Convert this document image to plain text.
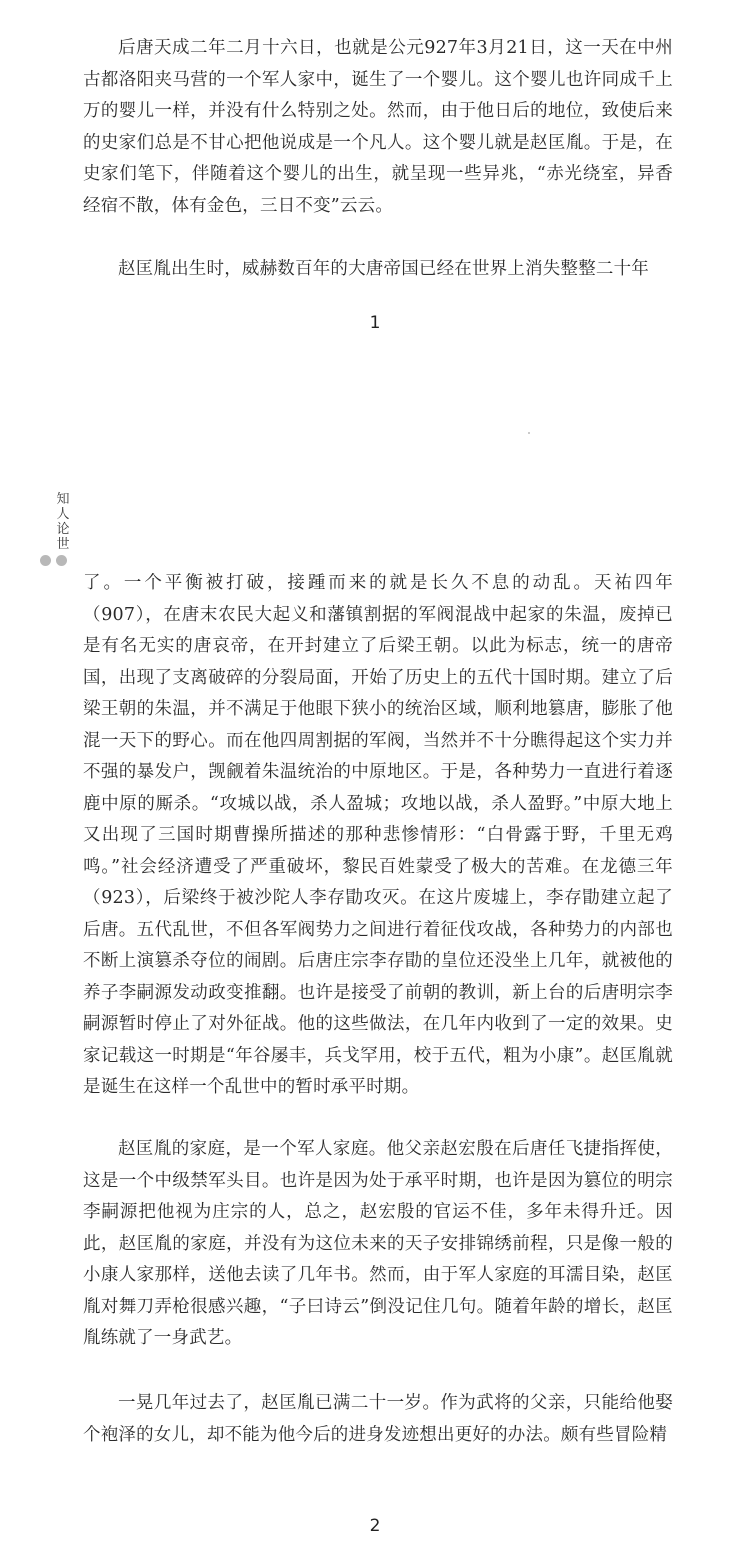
后唐天成二年二月十六日，也就是公元927年3月21日，这一天在中州古都洛阳夹马营的一个军人家中，诞生了一个婴儿。这个婴儿也许同成千上万的婴儿一样，并没有什么特别之处。然而，由于他日后的地位，致使后来的史家们总是不甘心把他说成是一个凡人。这个婴儿就是赵匡胤。于是，在史家们笔下，伴随着这个婴儿的出生，就呈现一些异兆，“赤光绕室，异香经宿不散，体有金色，三日不变”云云。

赵匡胤出生时，威赫数百年的大唐帝国已经在世界上消失整整二十年

1
知人论世

了。一个平衡被打破，接踵而来的就是长久不息的动乱。天祐四年（907），在唐末农民大起义和藩镇割据的军阀混战中起家的朱温，废掉已是有名无实的唐哀帝，在开封建立了后梁王朝。以此为标志，统一的唐帝国，出现了支离破碎的分裂局面，开始了历史上的五代十国时期。建立了后梁王朝的朱温，并不满足于他眼下狭小的统治区域，顺利地篡唐，膨胀了他混一天下的野心。而在他四周割据的军阀，当然并不十分瞧得起这个实力并不强的暴发户，觊觎着朱温统治的中原地区。于是，各种势力一直进行着逐鹿中原的厮杀。“攻城以战，杀人盈城；攻地以战，杀人盈野。”中原大地上又出现了三国时期曹操所描述的那种悲惨情形：“白骨露于野，千里无鸡鸣。”社会经济遭受了严重破坏，黎民百姓蒙受了极大的苦难。在龙德三年（923），后梁终于被沙陀人李存勖攻灭。在这片废墟上，李存勖建立起了后唐。五代乱世，不但各军阀势力之间进行着征伐攻战，各种势力的内部也不断上演篡杀夺位的闹剧。后唐庄宗李存勖的皇位还没坐上几年，就被他的养子李嗣源发动政变推翻。也许是接受了前朝的教训，新上台的后唐明宗李嗣源暂时停止了对外征战。他的这些做法，在几年内收到了一定的效果。史家记载这一时期是“年谷屡丰，兵戈罕用，校于五代，粗为小康”。赵匡胤就是诞生在这样一个乱世中的暂时承平时期。

赵匡胤的家庭，是一个军人家庭。他父亲赵宏殷在后唐任飞捷指挥使，这是一个中级禁军头目。也许是因为处于承平时期，也许是因为篡位的明宗李嗣源把他视为庄宗的人，总之，赵宏殷的官运不佳，多年未得升迁。因此，赵匡胤的家庭，并没有为这位未来的天子安排锦绣前程，只是像一般的小康人家那样，送他去读了几年书。然而，由于军人家庭的耳濡目染，赵匡胤对舞刀弄枪很感兴趣，“子曰诗云”倒没记住几句。随着年龄的增长，赵匡胤练就了一身武艺。

一晃几年过去了，赵匡胤已满二十一岁。作为武将的父亲，只能给他娶个袍泽的女儿，却不能为他今后的进身发迹想出更好的办法。颇有些冒险精

2
